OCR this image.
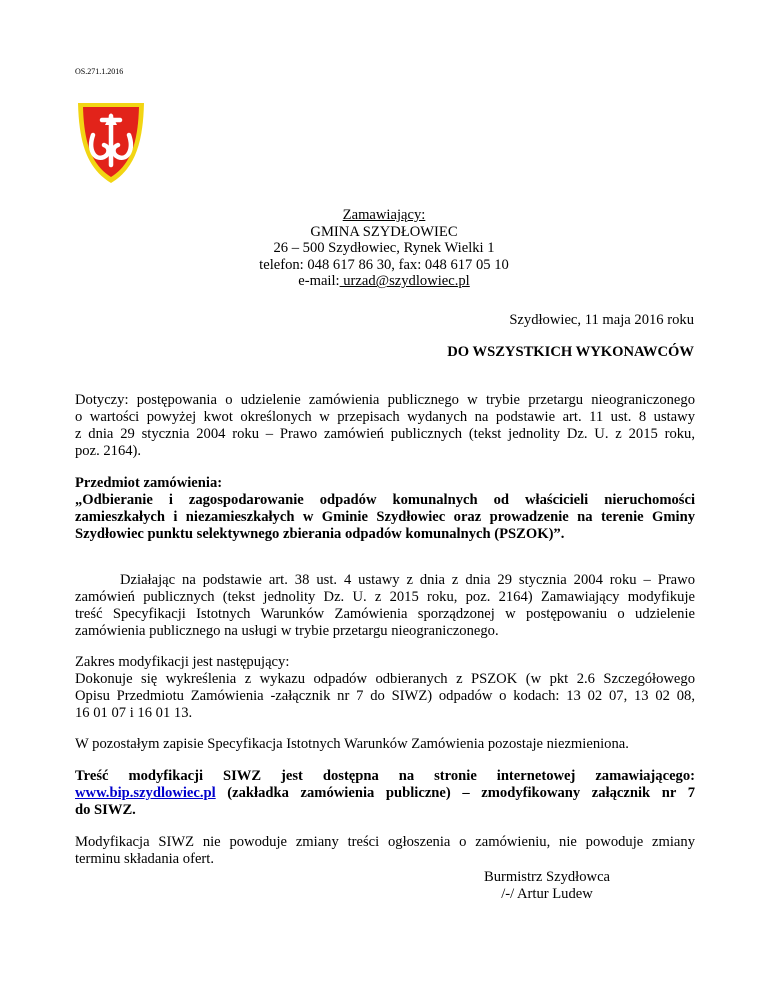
OS.271.1.2016
Zamawiający:
GMINA SZYDŁOWIEC
26 – 500 Szydłowiec, Rynek Wielki 1
telefon: 048 617 86 30, fax: 048 617 05 10
e-mail: urzad@szydlowiec.pl
Szydłowiec, 11 maja 2016 roku
DO WSZYSTKICH WYKONAWCÓW

Dotyczy: postępowania o udzielenie zamówienia publicznego w trybie przetargu nieograniczonego

o wartości powyżej kwot określonych w przepisach wydanych na podstawie art. 11 ust. 8 ustawy

z dnia 29 stycznia 2004 roku – Prawo zamówień publicznych (tekst jednolity Dz. U. z 2015 roku,

poz. 2164).

Przedmiot zamówienia:

„Odbieranie i zagospodarowanie odpadów komunalnych od właścicieli nieruchomości

zamieszkałych i niezamieszkałych w Gminie Szydłowiec oraz prowadzenie na terenie Gminy

Szydłowiec punktu selektywnego zbierania odpadów komunalnych (PSZOK)”.

Działając na podstawie art. 38 ust. 4 ustawy z dnia z dnia 29 stycznia 2004 roku – Prawo

zamówień publicznych (tekst jednolity Dz. U. z 2015 roku, poz. 2164) Zamawiający modyfikuje

treść Specyfikacji Istotnych Warunków Zamówienia sporządzonej w postępowaniu o udzielenie

zamówienia publicznego na usługi w trybie przetargu nieograniczonego.

Zakres modyfikacji jest następujący:

Dokonuje się wykreślenia z wykazu odpadów odbieranych z PSZOK (w pkt 2.6 Szczegółowego

Opisu Przedmiotu Zamówienia -załącznik nr 7 do SIWZ) odpadów o kodach: 13 02 07, 13 02 08,

16 01 07 i 16 01 13.

W pozostałym zapisie Specyfikacja Istotnych Warunków Zamówienia pozostaje niezmieniona.

Treść modyfikacji SIWZ jest dostępna na stronie internetowej zamawiającego:

www.bip.szydlowiec.pl (zakładka zamówienia publiczne) – zmodyfikowany załącznik nr 7

do SIWZ.

Modyfikacja SIWZ nie powoduje zmiany treści ogłoszenia o zamówieniu, nie powoduje zmiany

terminu składania ofert.

Burmistrz Szydłowca
/-/ Artur Ludew
